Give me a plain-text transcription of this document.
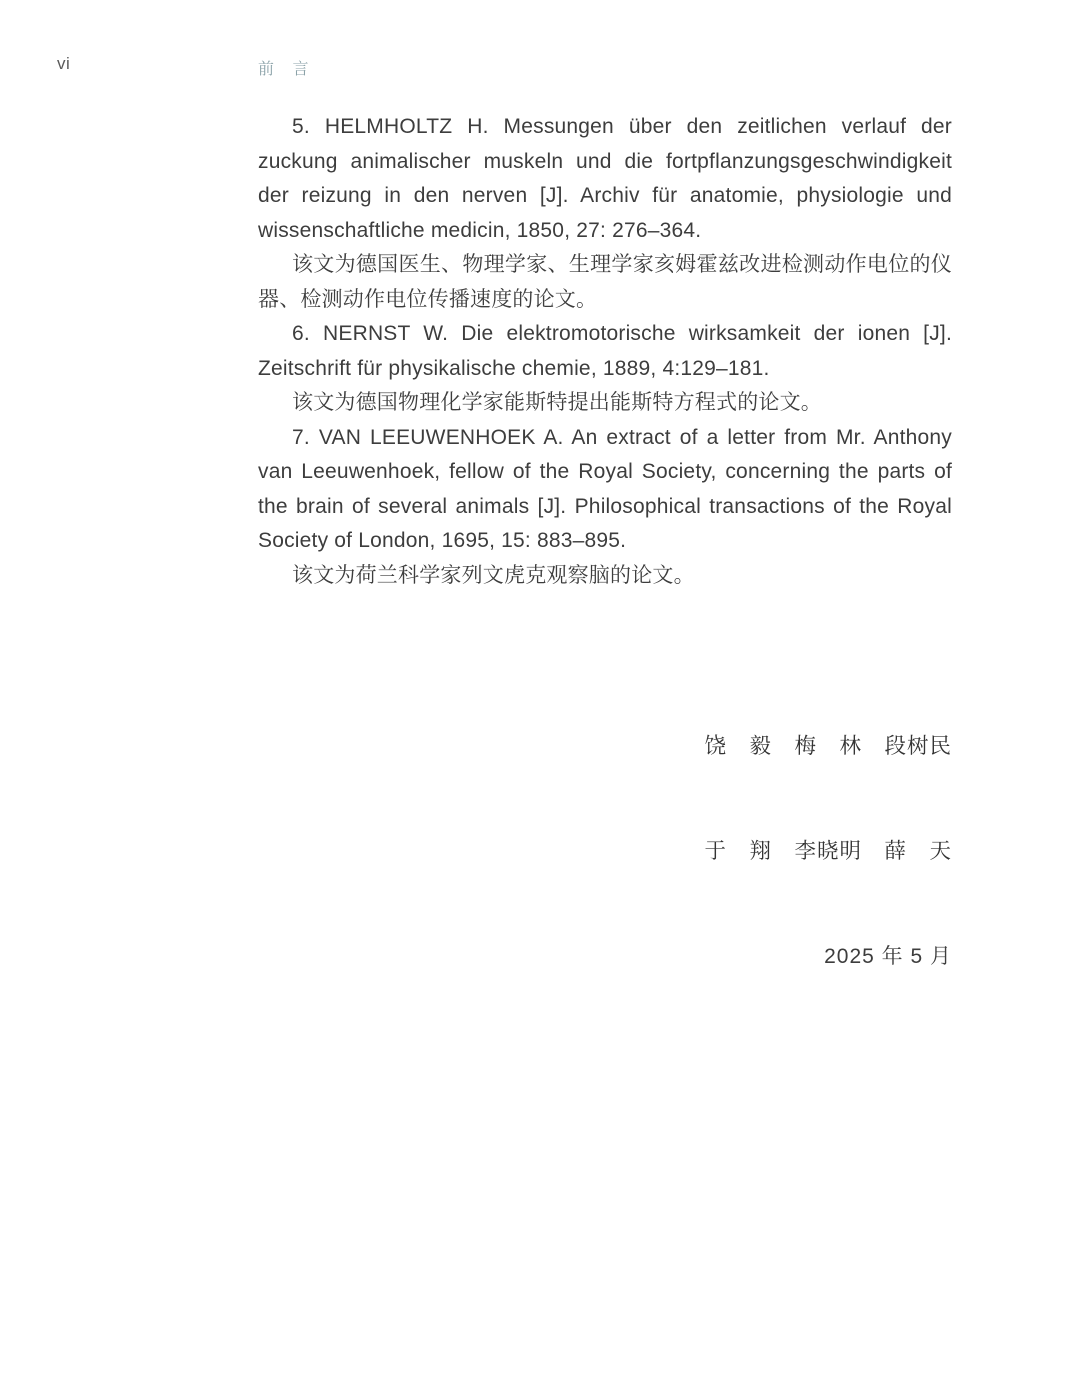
vi	前 言

5. HELMHOLTZ H. Messungen über den zeitlichen verlauf der zuckung animalischer muskeln und die fortpflanzungsgeschwindigkeit der reizung in den nerven [J]. Archiv für anatomie, physiologie und wissenschaftliche medicin, 1850, 27: 276–364.

该文为德国医生、物理学家、生理学家亥姆霍兹改进检测动作电位的仪器、检测动作电位传播速度的论文。

6. NERNST W. Die elektromotorische wirksamkeit der ionen [J]. Zeitschrift für physikalische chemie, 1889, 4:129–181.

该文为德国物理化学家能斯特提出能斯特方程式的论文。

7. VAN LEEUWENHOEK A. An extract of a letter from Mr. Anthony van Leeuwenhoek, fellow of the Royal Society, concerning the parts of the brain of several animals [J]. Philosophical transactions of the Royal Society of London, 1695, 15: 883–895.

该文为荷兰科学家列文虎克观察脑的论文。

饶　毅　梅　林　段树民

于　翔　李晓明　薛　天

2025 年 5 月
